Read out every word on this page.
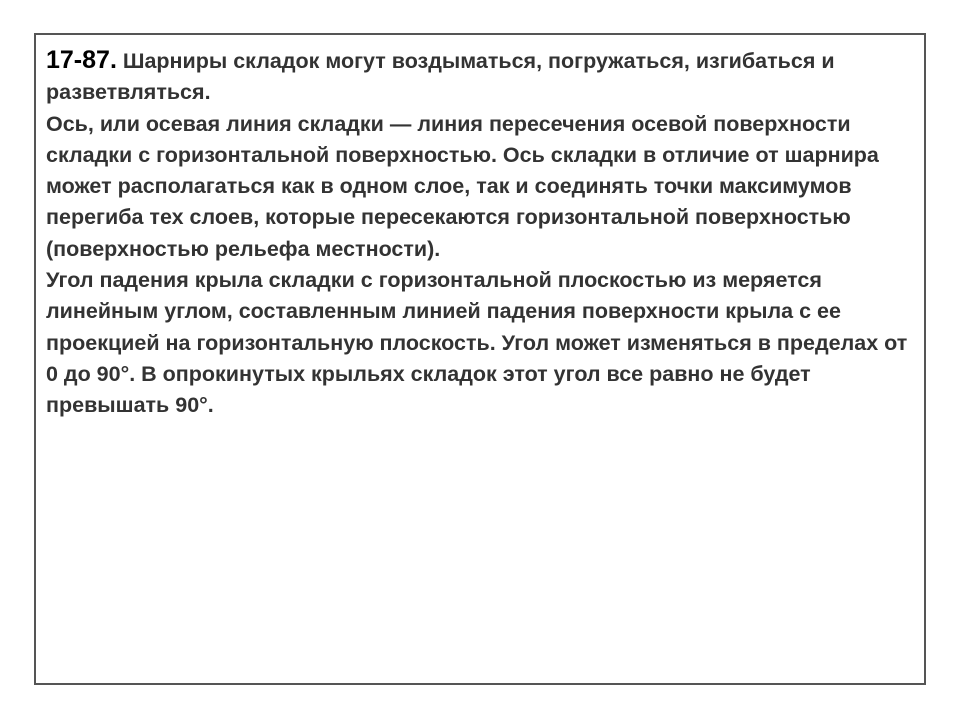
17-87. Шарниры складок могут воздыматься, погружаться, изгибаться и разветвляться.

Ось, или осевая линия складки — линия пересечения осевой поверхности складки с горизонтальной поверхностью. Ось складки в отличие от шарнира может располагаться как в одном слое, так и соединять точки максимумов перегиба тех слоев, которые пересекаются горизонтальной поверхностью (поверхностью рельефа местности).

Угол падения крыла складки с горизонтальной плоскостью из меряется линейным углом, составленным линией падения поверхности крыла с ее проекцией на горизонтальную плоскость. Угол может изменяться в пределах от 0 до 90°. В опрокинутых крыльях складок этот угол все равно не будет превышать 90°.
